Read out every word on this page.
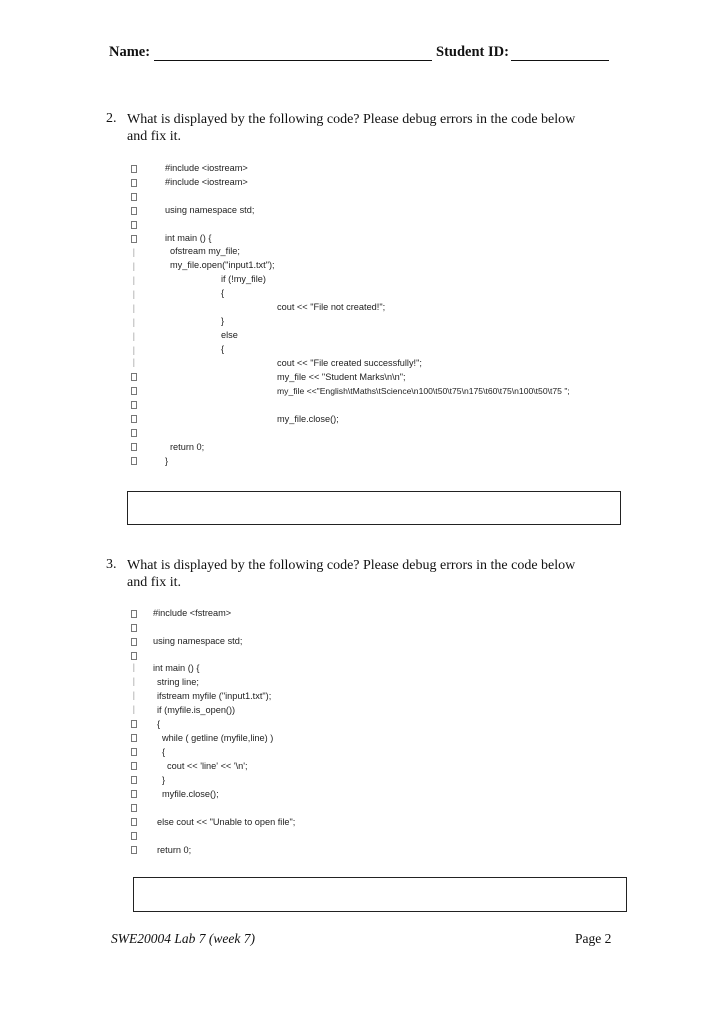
Name:	Student ID:
2. What is displayed by the following code? Please debug errors in the code below
and fix it.
|
|
|
|
|
|
|
|
|
#include <iostream>
#include <iostream>
using namespace std;
int main () {
ofstream my_file;
my_file.open("input1.txt");
if (!my_file)
{
cout << "File not created!";
}
else
{
cout << "File created successfully!";
my_file << "Student Marks\n\n";
my_file <<"English\tMaths\tScience\n100\t50\t75\n175\t60\t75\n100\t50\t75 ";
my_file.close();
return 0;
}
3. What is displayed by the following code? Please debug errors in the code below
and fix it.
|
|
|
|
#include <fstream>
using namespace std;
int main () {
string line;
ifstream myfile ("input1.txt");
if (myfile.is_open())
{
while ( getline (myfile,line) )
{
cout << 'line' << '\n';
}
myfile.close();
else cout << "Unable to open file";
return 0;
SWE20004 Lab 7 (week 7)	Page 2
